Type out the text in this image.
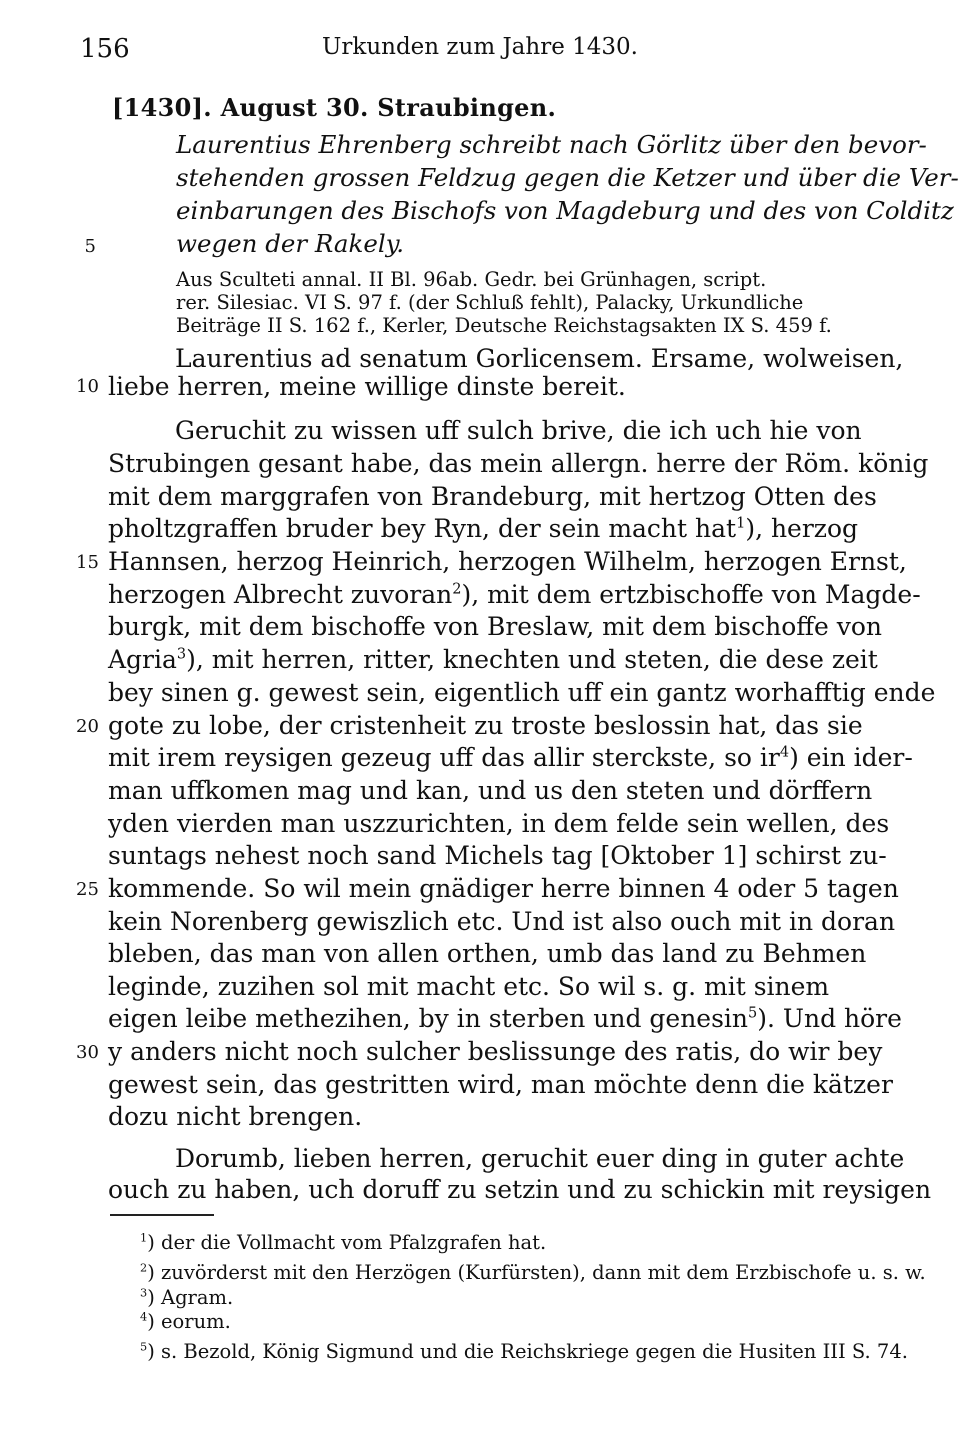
156	Urkunden zum Jahre 1430.
[1430]. August 30. Straubingen.
Laurentius Ehrenberg schreibt nach Görlitz über den bevor-
stehenden grossen Feldzug gegen die Ketzer und über die Ver-
einbarungen des Bischofs von Magdeburg und des von Colditz
wegen der Rakely.
5
Aus Sculteti annal. II Bl. 96ab. Gedr. bei Grünhagen, script.
rer. Silesiac. VI S. 97 f. (der Schluß fehlt), Palacky, Urkundliche
Beiträge II S. 162 f., Kerler, Deutsche Reichstagsakten IX S. 459 f.
Laurentius ad senatum Gorlicensem. Ersame, wolweisen,
10 liebe herren, meine willige dinste bereit.
Geruchit zu wissen uff sulch brive, die ich uch hie von
Strubingen gesant habe, das mein allergn. herre der Röm. könig
mit dem marggrafen von Brandeburg, mit hertzog Otten des
pholtzgraffen bruder bey Ryn, der sein macht hat$^1$), herzog
15 Hannsen, herzog Heinrich, herzogen Wilhelm, herzogen Ernst,
herzogen Albrecht zuvoran$^2$), mit dem ertzbischoffe von Magde-
burgk, mit dem bischoffe von Breslaw, mit dem bischoffe von
Agria$^3$), mit herren, ritter, knechten und steten, die dese zeit
bey sinen g. gewest sein, eigentlich uff ein gantz worhafftig ende
20 gote zu lobe, der cristenheit zu troste beslossin hat, das sie
mit irem reysigen gezeug uff das allir sterckste, so $ir^4$) ein ider-
man uffkomen mag und kan, und us den steten und dörffern
yden vierden man uszzurichten, in dem felde sein wellen, des
suntags nehest noch sand Michels tag [Oktober 1] schirst zu-
25 kommende. So wil mein gnädiger herre binnen 4 oder 5 tagen
kein Norenberg gewiszlich etc. Und ist also ouch mit in doran
bleben, das man von allen orthen, umb das land zu Behmen
leginde, zuzihen sol mit macht etc. So wil s. g. mit sinem
eigen leibe methezihen, by in sterben und genesin$^5$). Und höre
30 y anders nicht noch sulcher beslissunge des ratis, do wir bey
gewest sein, das gestritten wird, man möchte denn die kätzer
dozu nicht brengen.
Dorumb, lieben herren, geruchit euer ding in guter achte
ouch zu haben, uch doruff zu setzin und zu schickin mit reysigen
$^1$) der die Vollmacht vom Pfalzgrafen hat.
$^2$) zuvörderst mit den Herzögen (Kurfürsten), dann mit dem Erzbischofe u. s. w.
$^3$) Agram.
$^4$) eorum.
$^5$) s. Bezold, König Sigmund und die Reichskriege gegen die Husiten III S. 74.
